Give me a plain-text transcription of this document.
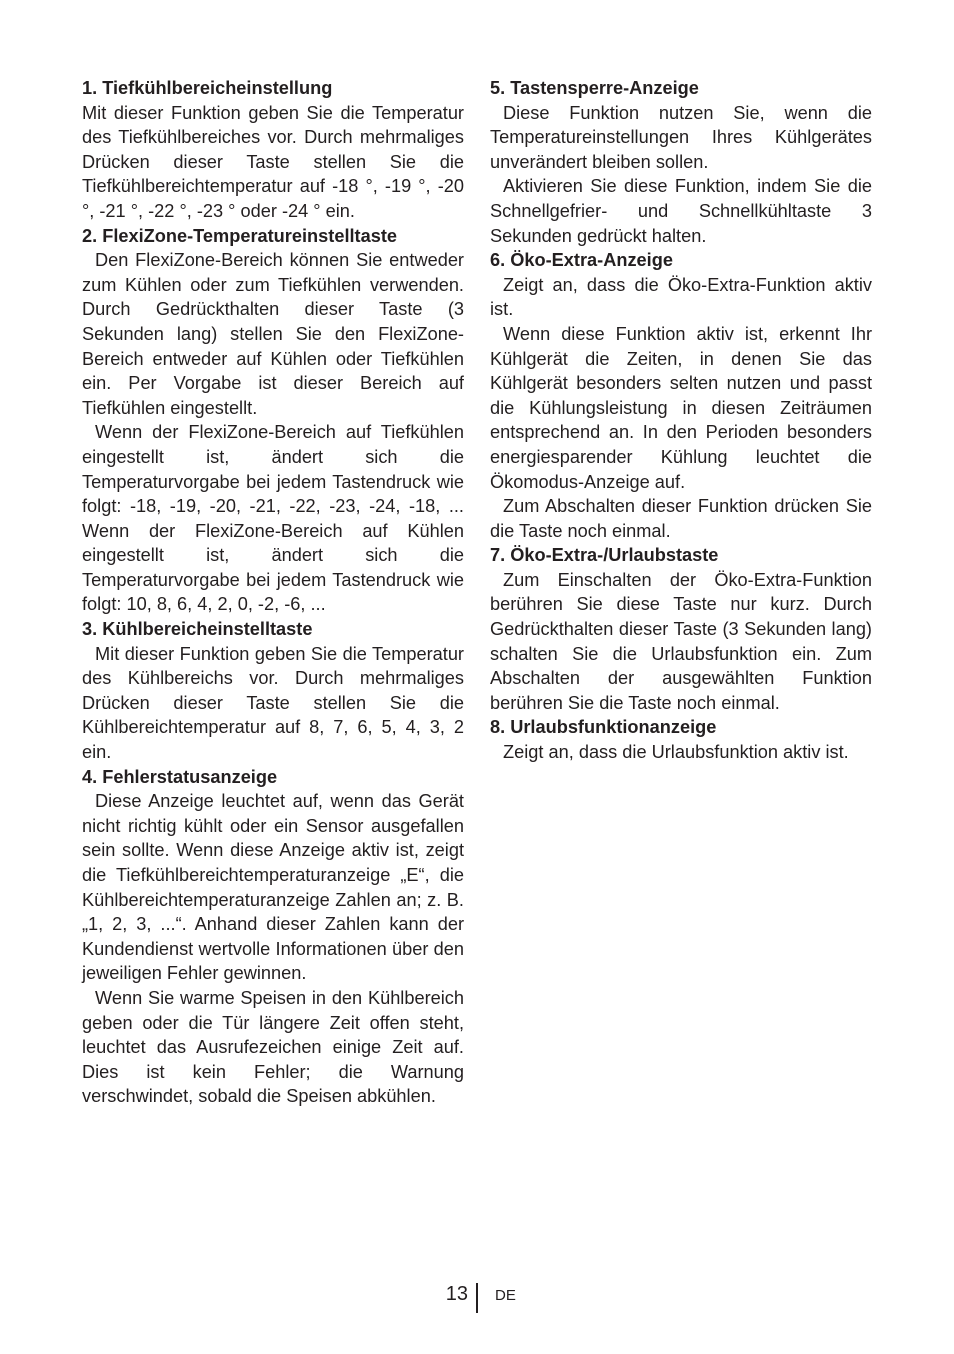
1. Tiefkühlbereicheinstellung

Mit dieser Funktion geben Sie die Temperatur des Tiefkühlbereiches vor. Durch mehrmaliges Drücken dieser Taste stellen Sie die Tiefkühlbereichtemperatur auf -18 °, -19 °, -20 °, -21 °, -22 °, -23 ° oder -24 ° ein.

2. FlexiZone-Temperatureinstelltaste

Den FlexiZone-Bereich können Sie entweder zum Kühlen oder zum Tiefkühlen verwenden. Durch Gedrückthalten dieser Taste (3 Sekunden lang) stellen Sie den FlexiZone-Bereich entweder auf Kühlen oder Tiefkühlen ein. Per Vorgabe ist dieser Bereich auf Tiefkühlen eingestellt.

Wenn der FlexiZone-Bereich auf Tiefkühlen eingestellt ist, ändert sich die Temperaturvorgabe bei jedem Tastendruck wie folgt: -18, -19, -20, -21, -22, -23, -24, -18, ... Wenn der FlexiZone-Bereich auf Kühlen eingestellt ist, ändert sich die Temperaturvorgabe bei jedem Tastendruck wie folgt: 10, 8, 6, 4, 2, 0, -2, -6, ...

3. Kühlbereicheinstelltaste

Mit dieser Funktion geben Sie die Temperatur des Kühlbereichs vor. Durch mehrmaliges Drücken dieser Taste stellen Sie die Kühlbereichtemperatur auf 8, 7, 6, 5, 4, 3, 2 ein.

4. Fehlerstatusanzeige

Diese Anzeige leuchtet auf, wenn das Gerät nicht richtig kühlt oder ein Sensor ausgefallen sein sollte. Wenn diese Anzeige aktiv ist, zeigt die Tiefkühlbereichtemperaturanzeige „E“, die Kühlbereichtemperaturanzeige Zahlen an; z. B. „1, 2, 3, ...“. Anhand dieser Zahlen kann der Kundendienst wertvolle Informationen über den jeweiligen Fehler gewinnen.

Wenn Sie warme Speisen in den Kühlbereich geben oder die Tür längere Zeit offen steht, leuchtet das Ausrufezeichen einige Zeit auf. Dies ist kein Fehler; die Warnung verschwindet, sobald die Speisen abkühlen.

5. Tastensperre-Anzeige

Diese Funktion nutzen Sie, wenn die Temperatureinstellungen Ihres Kühlgerätes unverändert bleiben sollen.

Aktivieren Sie diese Funktion, indem Sie die Schnellgefrier- und Schnellkühltaste 3 Sekunden gedrückt halten.

6. Öko-Extra-Anzeige

Zeigt an, dass die Öko-Extra-Funktion aktiv ist.

Wenn diese Funktion aktiv ist, erkennt Ihr Kühlgerät die Zeiten, in denen Sie das Kühlgerät besonders selten nutzen und passt die Kühlungsleistung in diesen Zeiträumen entsprechend an. In den Perioden besonders energiesparender Kühlung leuchtet die Ökomodus-Anzeige auf.

Zum Abschalten dieser Funktion drücken Sie die Taste noch einmal.

7. Öko-Extra-/Urlaubstaste

Zum Einschalten der Öko-Extra-Funktion berühren Sie diese Taste nur kurz. Durch Gedrückthalten dieser Taste (3 Sekunden lang) schalten Sie die Urlaubsfunktion ein. Zum Abschalten der ausgewählten Funktion berühren Sie die Taste noch einmal.

8. Urlaubsfunktionanzeige

Zeigt an, dass die Urlaubsfunktion aktiv ist.

13 DE
